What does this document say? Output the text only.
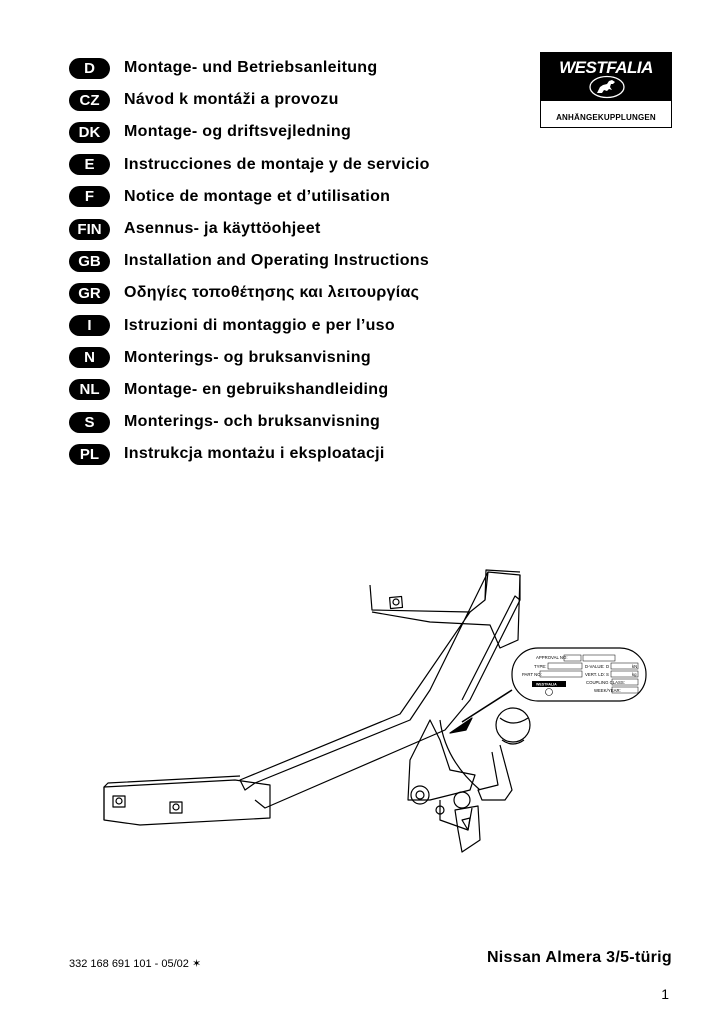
D	Montage- und Betriebsanleitung
CZ	Návod k montáži a provozu
DK	Montage- og driftsvejledning
E	Instrucciones de montaje y de servicio
F	Notice de montage et d’utilisation
FIN	Asennus- ja käyttöohjeet
GB	Installation and Operating Instructions
GR	Οδηγίες τοποθέτησης και λειτουργίας
I	Istruzioni di montaggio e per l’uso
N	Monterings- og bruksanvisning
NL	Montage- en gebruikshandleiding
S	Monterings- och bruksanvisning
PL	Instrukcja montażu i eksploatacji
WESTFALIA
ANHÄNGEKUPPLUNGEN
APPROVAL NO:
TYPE:
PART NO:
D-VALUE: D	kN
VERT. LD: S	kg
COUPLING CLASS:
WEEK/YEAR:
WESTFALIA
332 168 691 101 - 05/02 ✶	Nissan Almera 3/5-türig
1
